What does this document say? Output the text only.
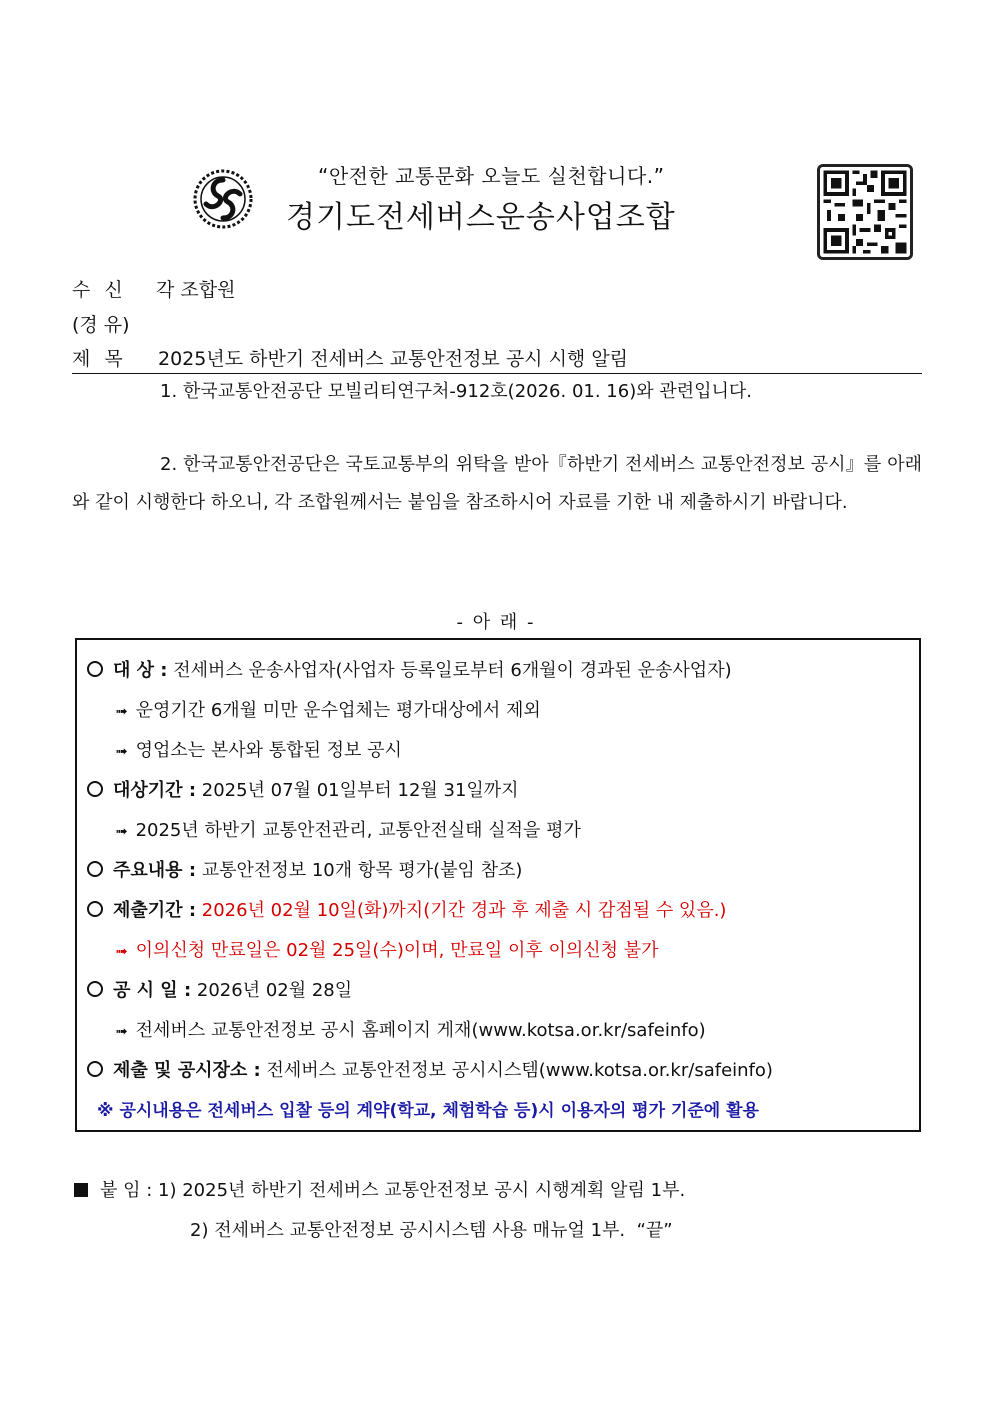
“안전한 교통문화 오늘도 실천합니다.”
경기도전세버스운송사업조합
수 신 각 조합원
(경 유)
제 목 2025년도 하반기 전세버스 교통안전정보 공시 시행 알림
1. 한국교통안전공단 모빌리티연구처-912호(2026. 01. 16)와 관련입니다.
2. 한국교통안전공단은 국토교통부의 위탁을 받아『하반기 전세버스 교통안전정보 공시』를 아래와 같이 시행한다 하오니, 각 조합원께서는 붙임을 참조하시어 자료를 기한 내 제출하시기 바랍니다.
- 아 래 -
대 상 : 전세버스 운송사업자(사업자 등록일로부터 6개월이 경과된 운송사업자)
➟ 운영기간 6개월 미만 운수업체는 평가대상에서 제외
➟ 영업소는 본사와 통합된 정보 공시
대상기간 : 2025년 07월 01일부터 12월 31일까지
➟ 2025년 하반기 교통안전관리, 교통안전실태 실적을 평가
주요내용 : 교통안전정보 10개 항목 평가(붙임 참조)
제출기간 : 2026년 02월 10일(화)까지(기간 경과 후 제출 시 감점될 수 있음.)
➟ 이의신청 만료일은 02월 25일(수)이며, 만료일 이후 이의신청 불가
공 시 일 : 2026년 02월 28일
➟ 전세버스 교통안전정보 공시 홈페이지 게재(www.kotsa.or.kr/safeinfo)
제출 및 공시장소 : 전세버스 교통안전정보 공시시스템(www.kotsa.or.kr/safeinfo)
※ 공시내용은 전세버스 입찰 등의 계약(학교, 체험학습 등)시 이용자의 평가 기준에 활용
붙 임 : 1) 2025년 하반기 전세버스 교통안전정보 공시 시행계획 알림 1부.
2) 전세버스 교통안전정보 공시시스템 사용 매뉴얼 1부. “끝”
